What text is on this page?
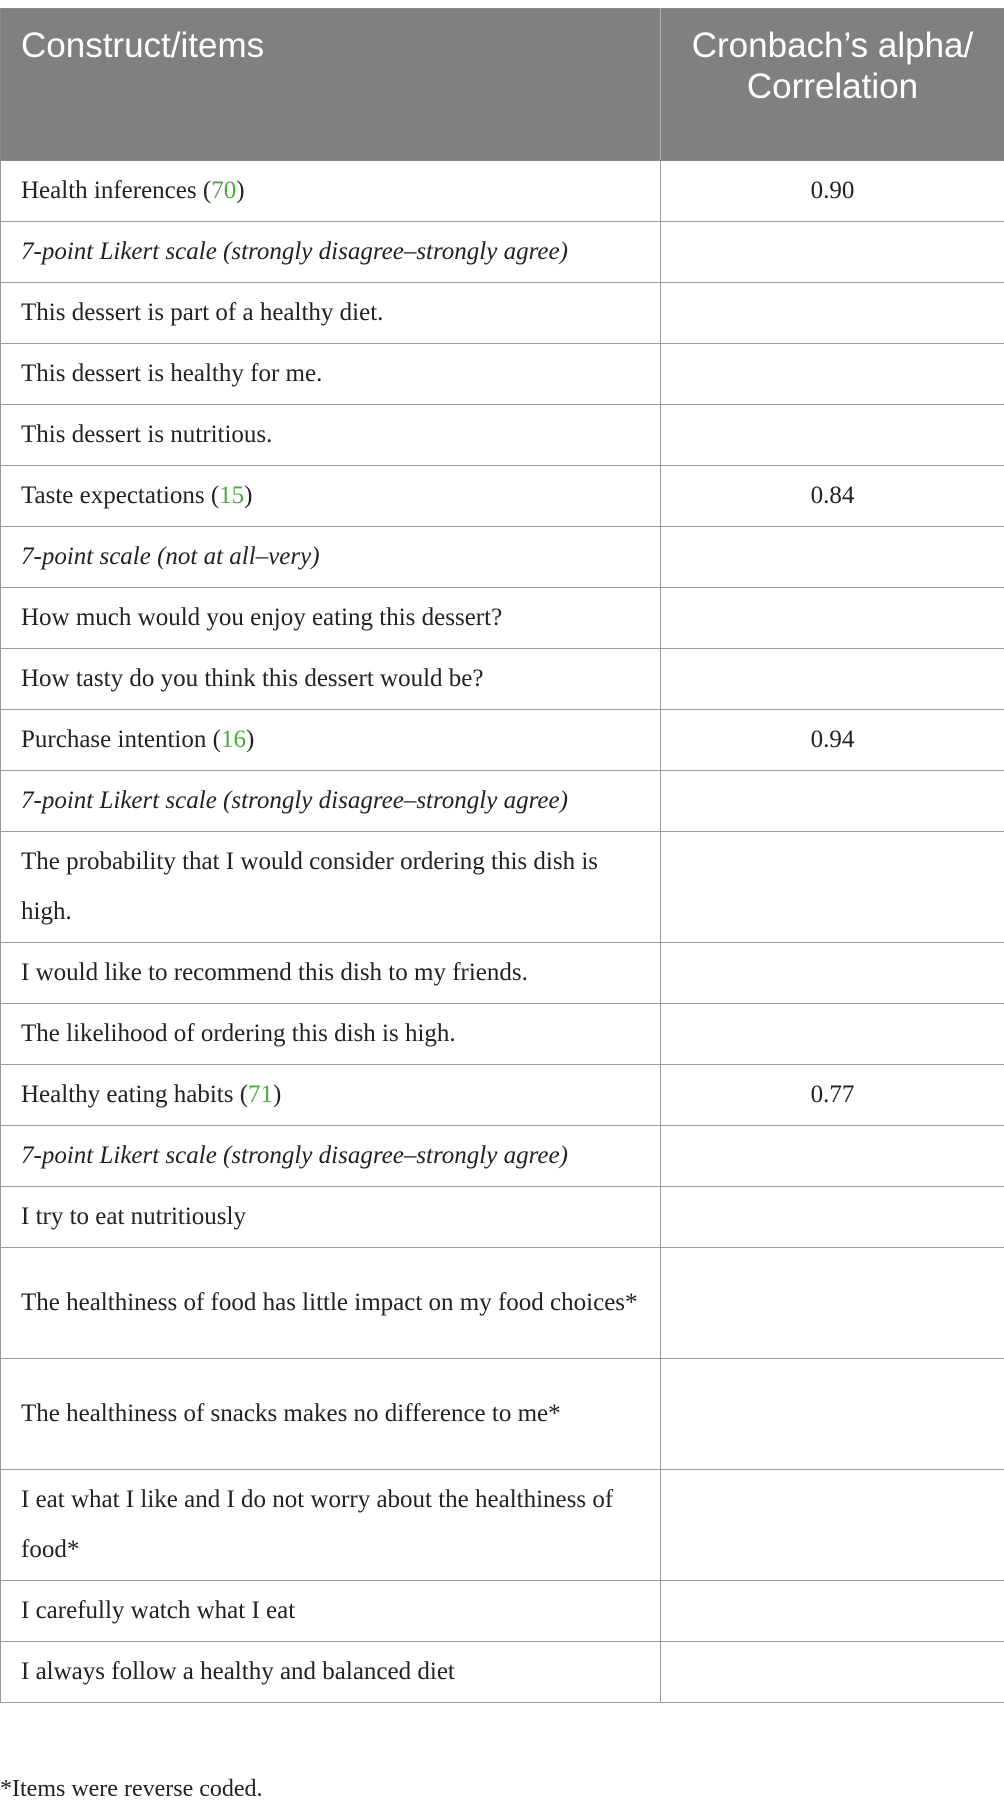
Construct/items	Cronbach’s alpha/ Correlation
Health inferences (70)	0.90
7-point Likert scale (strongly disagree–strongly agree)	
This dessert is part of a healthy diet.	
This dessert is healthy for me.	
This dessert is nutritious.	
Taste expectations (15)	0.84
7-point scale (not at all–very)	
How much would you enjoy eating this dessert?	
How tasty do you think this dessert would be?	
Purchase intention (16)	0.94
7-point Likert scale (strongly disagree–strongly agree)	
The probability that I would consider ordering this dish is high.	
I would like to recommend this dish to my friends.	
The likelihood of ordering this dish is high.	
Healthy eating habits (71)	0.77
7-point Likert scale (strongly disagree–strongly agree)	
I try to eat nutritiously	
The healthiness of food has little impact on my food choices*	
The healthiness of snacks makes no difference to me*	
I eat what I like and I do not worry about the healthiness of food*	
I carefully watch what I eat	
I always follow a healthy and balanced diet	

*Items were reverse coded.
